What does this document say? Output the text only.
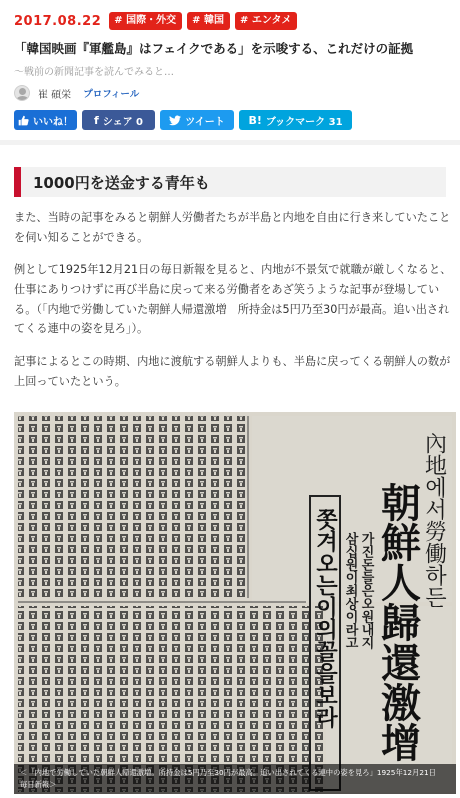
2017.08.22	# 国際・外交	# 韓国	# エンタメ
「韓国映画『軍艦島』はフェイクである」を示唆する、これだけの証拠
〜戦前の新聞記事を読んでみると…
崔 碩栄 プロフィール
いいね！ f シェア 0	ツイート B! ブックマーク 31
1000円を送金する青年も

また、当時の記事をみると朝鮮人労働者たちが半島と内地を自由に行き来していたことを伺い知ることができる。

例として1925年12月21日の毎日新報を見ると、内地が不景気で就職が厳しくなると、仕事にありつけずに再び半島に戻って来る労働者をあざ笑うような記事が登場している。（「内地で労働していた朝鮮人帰還激増　所持金は5円乃至30円が最高。追い出されてくる連中の姿を見ろ」）。

記事によるとこの時期、内地に渡航する朝鮮人よりも、半島に戻ってくる朝鮮人の数が上回っていたという。

內地에서勞働하든
朝鮮人歸還激增
가진돈들은오원내지
삼십원이최상이라고
쫏겨오는이의꼴을보라
＜「内地で労働していた朝鮮人帰還激増。所持金は5円乃至30円が最高。追い出されてくる連中の姿を見ろ」1925年12月21日　毎日新報＞
